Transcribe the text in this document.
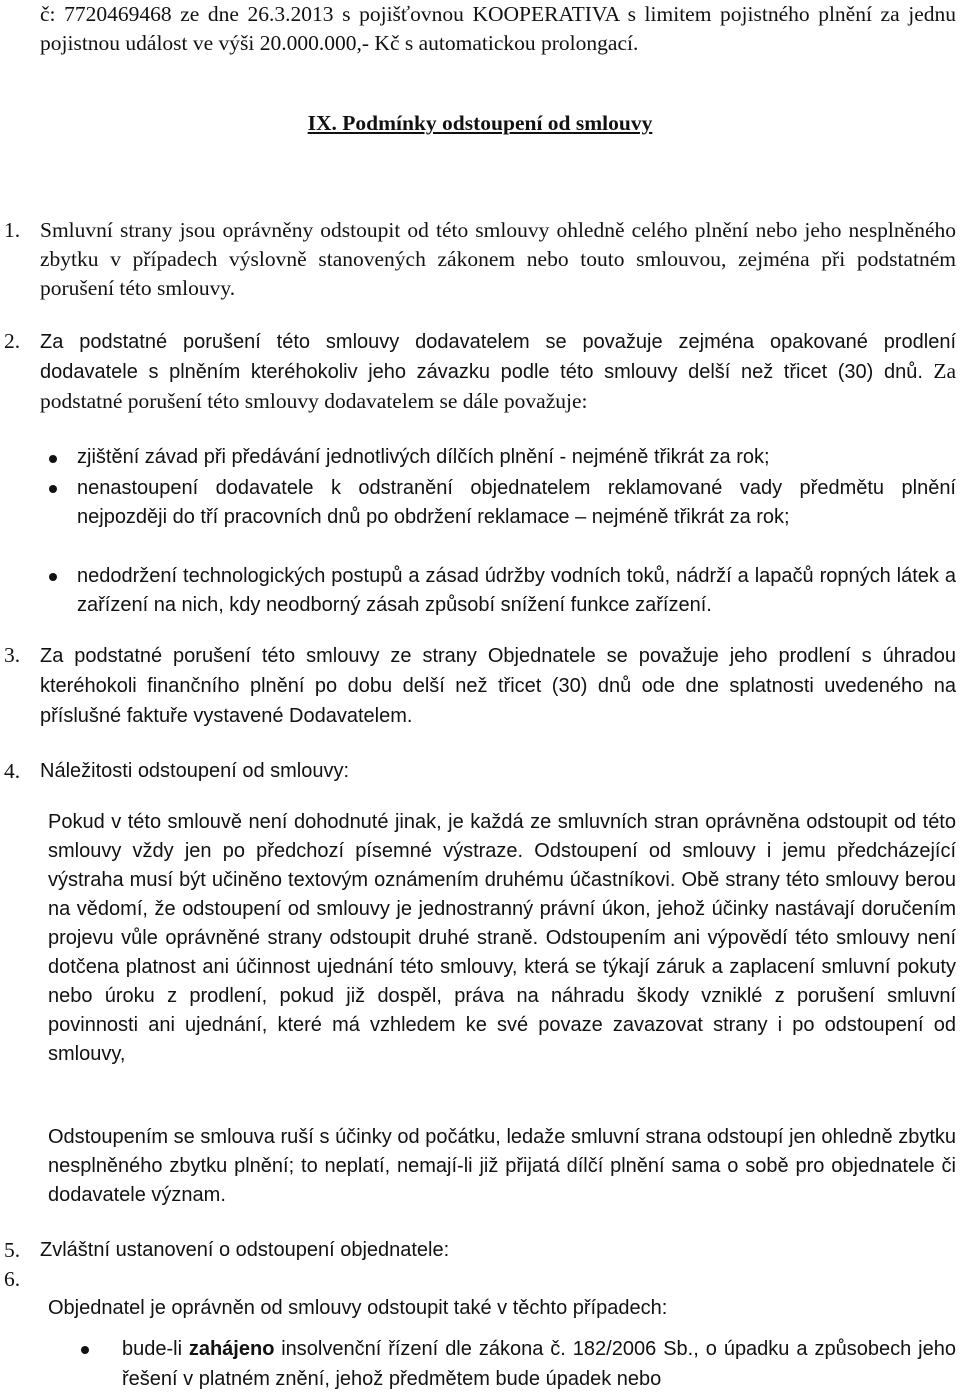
č: 7720469468 ze dne 26.3.2013 s pojišťovnou KOOPERATIVA s limitem pojistného plnění za jednu pojistnou událost ve výši 20.000.000,- Kč s automatickou prolongací.
IX. Podmínky odstoupení od smlouvy
1. Smluvní strany jsou oprávněny odstoupit od této smlouvy ohledně celého plnění nebo jeho nesplněného zbytku v případech výslovně stanovených zákonem nebo touto smlouvou, zejména při podstatném porušení této smlouvy.
2. Za podstatné porušení této smlouvy dodavatelem se považuje zejména opakované prodlení dodavatele s plněním kteréhokoliv jeho závazku podle této smlouvy delší než třicet (30) dnů. Za podstatné porušení této smlouvy dodavatelem se dále považuje:
zjištění závad při předávání jednotlivých dílčích plnění - nejméně třikrát za rok;
nenastoupení dodavatele k odstranění objednatelem reklamované vady předmětu plnění nejpozději do tří pracovních dnů po obdržení reklamace – nejméně třikrát za rok;
nedodržení technologických postupů a zásad údržby vodních toků, nádrží a lapačů ropných látek a zařízení na nich, kdy neodborný zásah způsobí snížení funkce zařízení.
3. Za podstatné porušení této smlouvy ze strany Objednatele se považuje jeho prodlení s úhradou kteréhokoli finančního plnění po dobu delší než třicet (30) dnů ode dne splatnosti uvedeného na příslušné faktuře vystavené Dodavatelem.
4. Náležitosti odstoupení od smlouvy:
Pokud v této smlouvě není dohodnuté jinak, je každá ze smluvních stran oprávněna odstoupit od této smlouvy vždy jen po předchozí písemné výstraze. Odstoupení od smlouvy i jemu předcházející výstraha musí být učiněno textovým oznámením druhému účastníkovi. Obě strany této smlouvy berou na vědomí, že odstoupení od smlouvy je jednostranný právní úkon, jehož účinky nastávají doručením projevu vůle oprávněné strany odstoupit druhé straně. Odstoupením ani výpovědí této smlouvy není dotčena platnost ani účinnost ujednání této smlouvy, která se týkají záruk a zaplacení smluvní pokuty nebo úroku z prodlení, pokud již dospěl, práva na náhradu škody vzniklé z porušení smluvní povinnosti ani ujednání, které má vzhledem ke své povaze zavazovat strany i po odstoupení od smlouvy,
Odstoupením se smlouva ruší s účinky od počátku, ledaže smluvní strana odstoupí jen ohledně zbytku nesplněného zbytku plnění; to neplatí, nemají-li již přijatá dílčí plnění sama o sobě pro objednatele či dodavatele význam.
5. Zvláštní ustanovení o odstoupení objednatele:
6.
Objednatel je oprávněn od smlouvy odstoupit také v těchto případech:
bude-li zahájeno insolvenční řízení dle zákona č. 182/2006 Sb., o úpadku a způsobech jeho řešení v platném znění, jehož předmětem bude úpadek nebo
